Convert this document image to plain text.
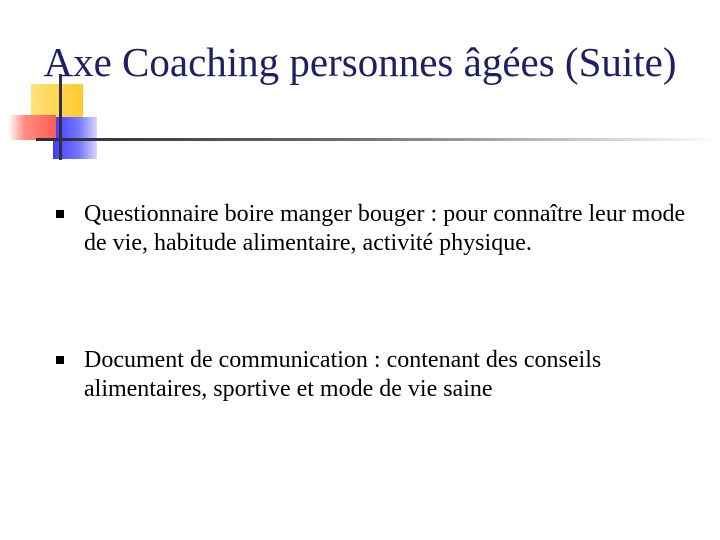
Axe Coaching personnes âgées (Suite)
Questionnaire boire manger bouger : pour connaître leur mode de vie, habitude alimentaire, activité physique.
Document de communication : contenant des conseils alimentaires, sportive et mode de vie saine
